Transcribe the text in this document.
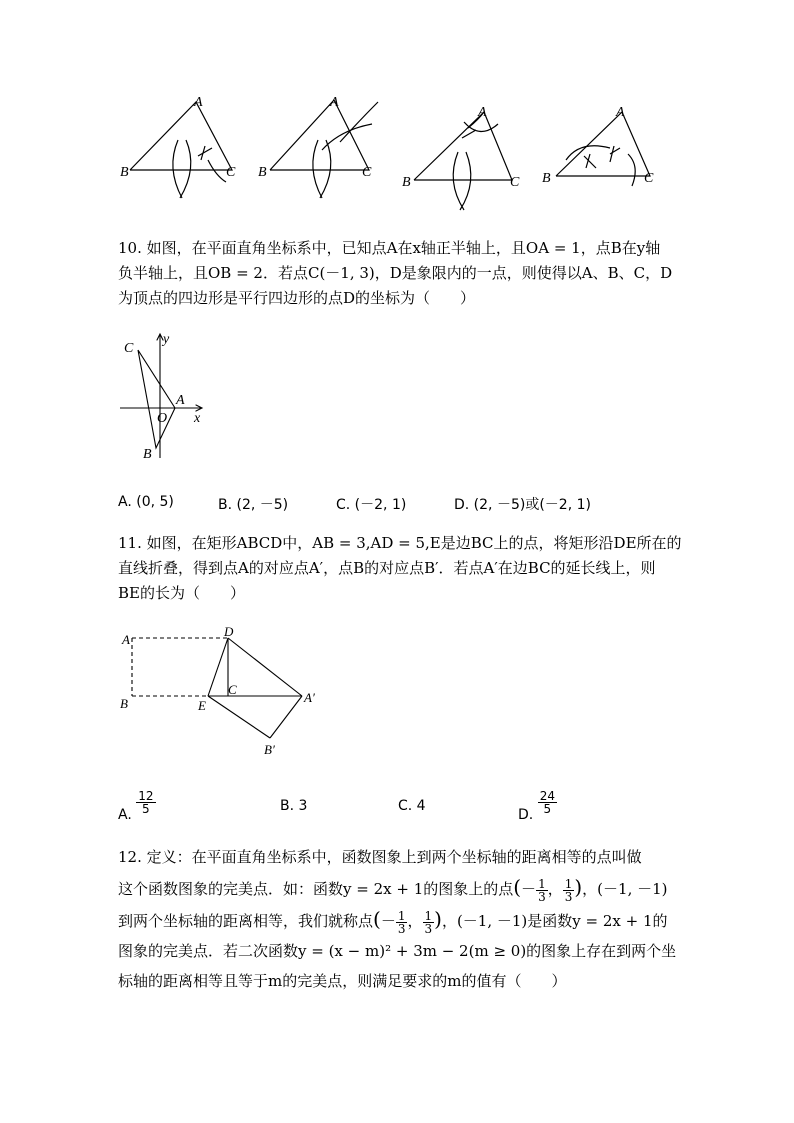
B
A
C B
A
C
B
A
C B
A
C
10. 如图，在平面直角坐标系中，已知点A在x轴正半轴上，且OA = 1，点B在y轴
负半轴上，且OB = 2．若点C(－1, 3)，D是象限内的一点，则使得以A、B、C，D
为顶点的四边形是平行四边形的点D的坐标为（　　）
C
y
A
O x
B
A. (0, 5)	B. (2, －5)	C. (－2, 1)	D. (2, －5)或(－2, 1)
11. 如图，在矩形ABCD中，AB = 3,AD = 5,E是边BC上的点，将矩形沿DE所在的
直线折叠，得到点A的对应点A′，点B的对应点B′．若点A′在边BC的延长线上，则
BE的长为（　　）
A
D
C
B	E
A′
B′
A. $\frac{12}{5}$	B. 3	C. 4
D. $\frac{24}{5}$
12. 定义：在平面直角坐标系中，函数图象上到两个坐标轴的距离相等的点叫做
这个函数图象的完美点．如：函数y = 2x + 1的图象上的点(－ $\frac{1}{3}$ ， $\frac{1}{3}$ )，(－1, －1)
到两个坐标轴的距离相等，我们就称点(－ $\frac{1}{3}$ ， $\frac{1}{3}$ )，(－1, －1)是函数y = 2x + 1的
图象的完美点．若二次函数y = (x − m)² + 3m − 2(m ≥ 0)的图象上存在到两个坐
标轴的距离相等且等于m的完美点，则满足要求的m的值有（　　）
